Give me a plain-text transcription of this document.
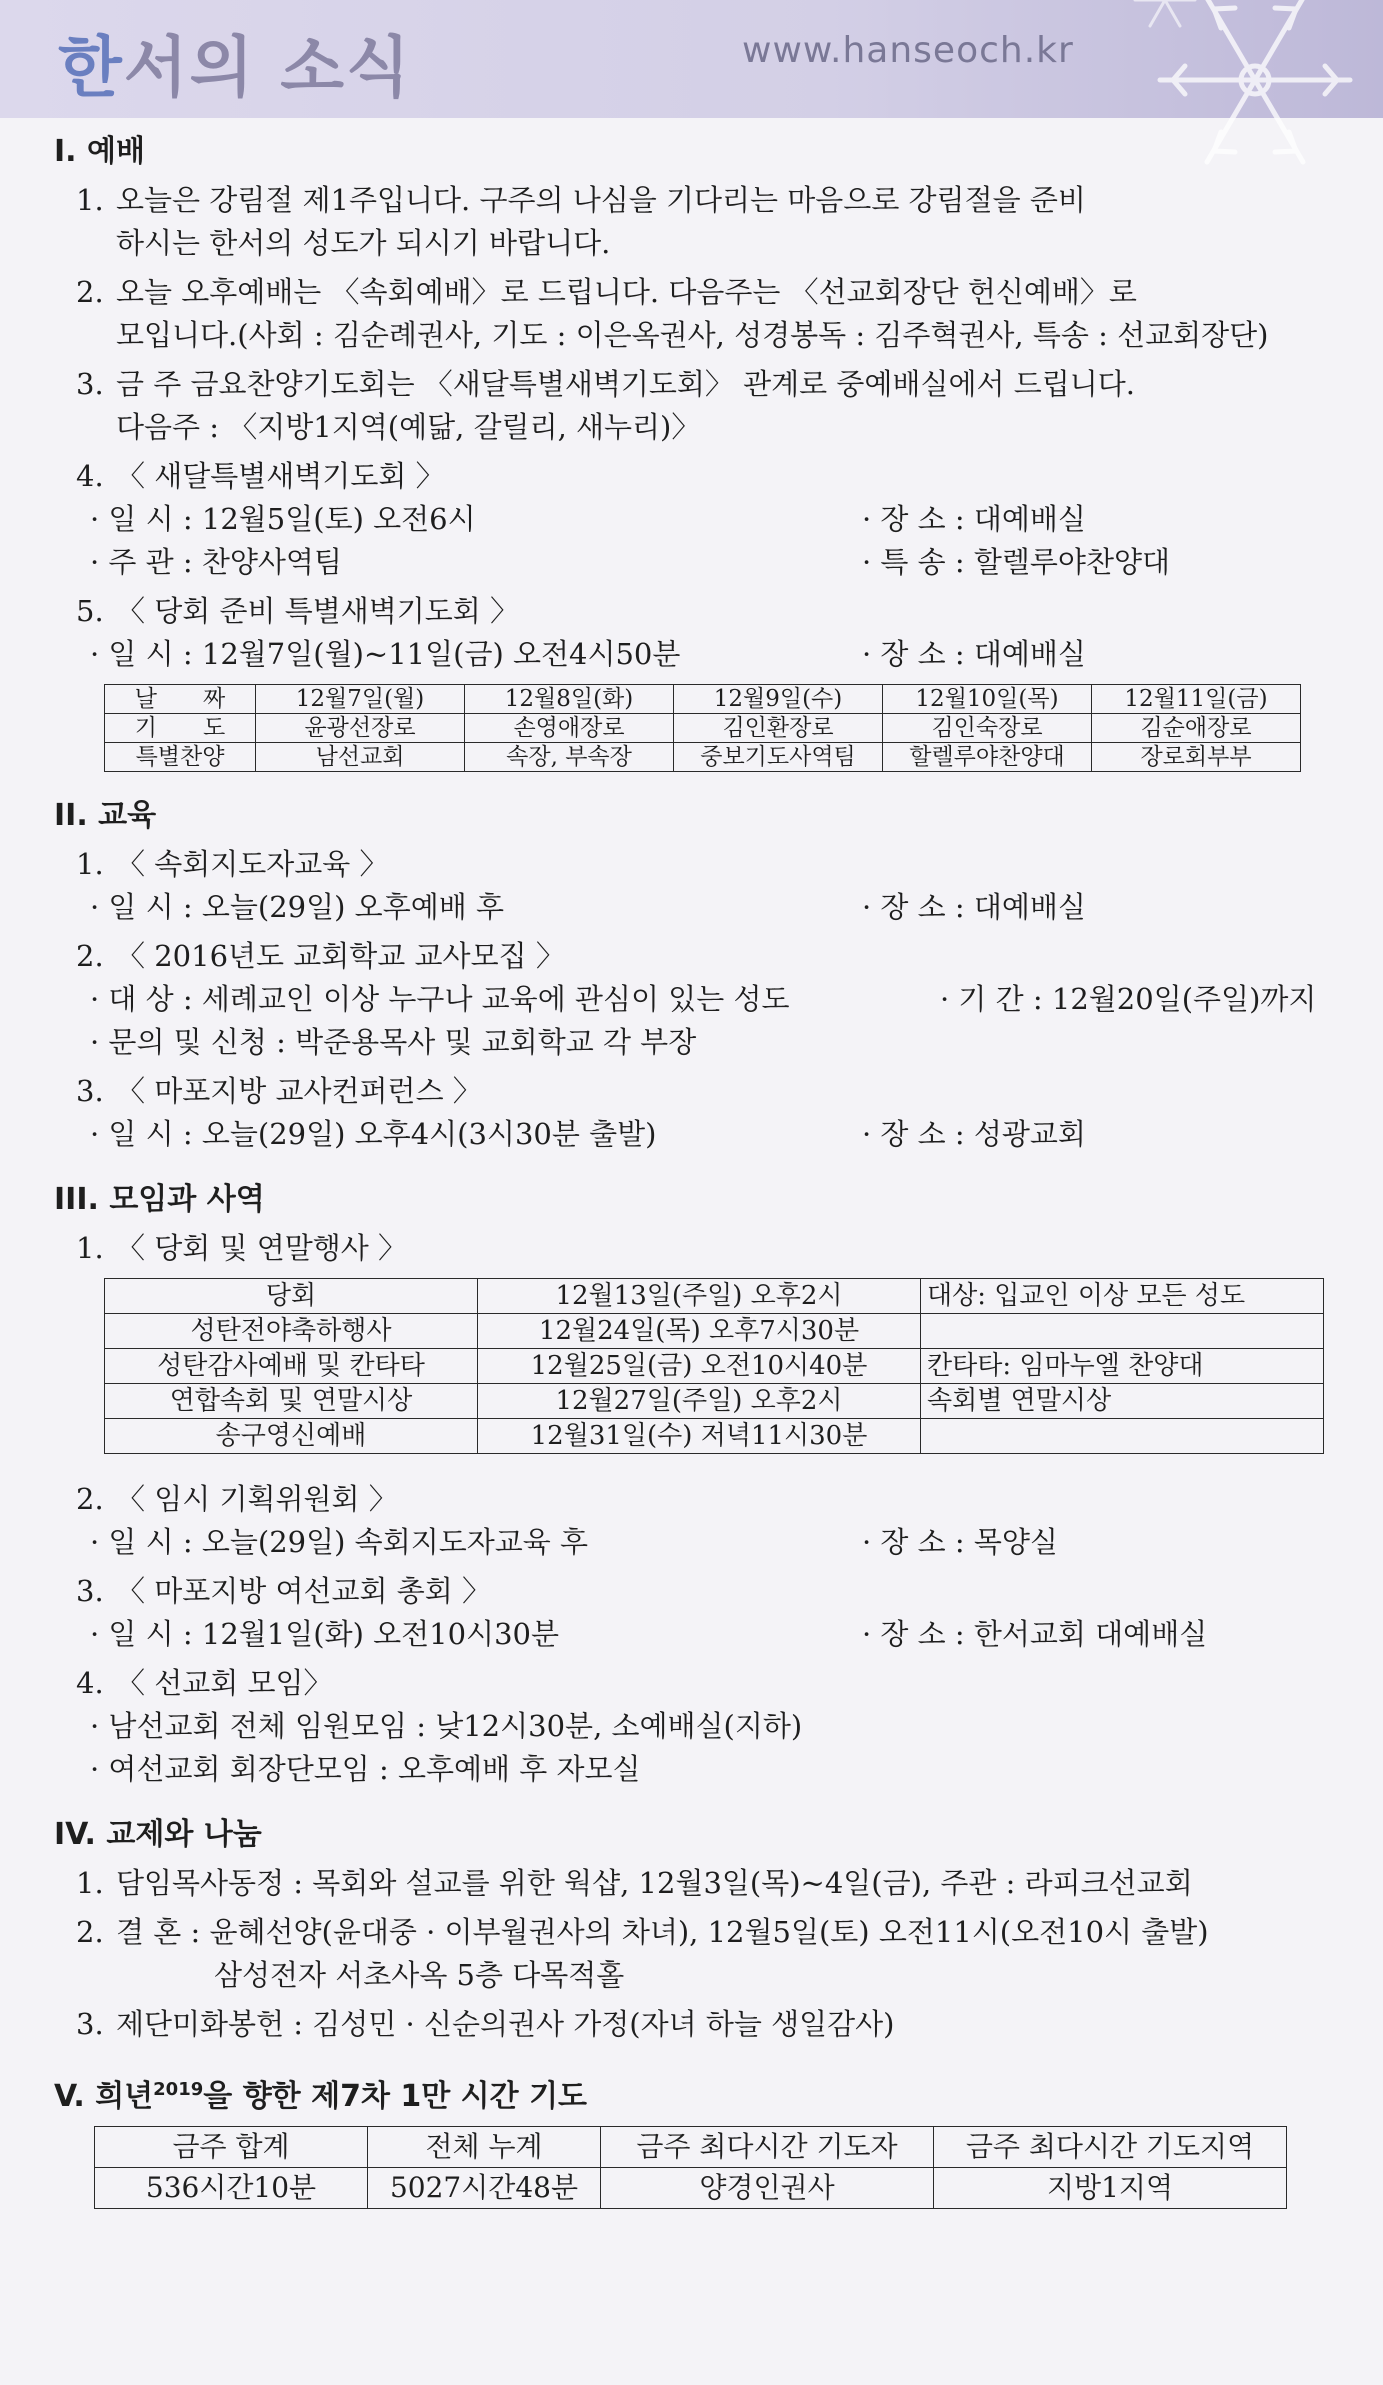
한서의 소식	www.hanseoch.kr
I. 예배
1. 오늘은 강림절 제1주입니다. 구주의 나심을 기다리는 마음으로 강림절을 준비
하시는 한서의 성도가 되시기 바랍니다.
2. 오늘 오후예배는 〈속회예배〉로 드립니다. 다음주는 〈선교회장단 헌신예배〉로
모입니다.(사회 : 김순례권사, 기도 : 이은옥권사, 성경봉독 : 김주혁권사, 특송 : 선교회장단)
3. 금 주 금요찬양기도회는 〈새달특별새벽기도회〉 관계로 중예배실에서 드립니다.
다음주 : 〈지방1지역(예닮, 갈릴리, 새누리)〉
4. 〈 새달특별새벽기도회 〉
· 일 시 : 12월5일(토) 오전6시	· 장 소 : 대예배실
· 주 관 : 찬양사역팀	· 특 송 : 할렐루야찬양대
5. 〈 당회 준비 특별새벽기도회 〉
· 일 시 : 12월7일(월)~11일(금) 오전4시50분	· 장 소 : 대예배실
날　　짜	12월7일(월)	12월8일(화)	12월9일(수)	12월10일(목)	12월11일(금)
기　　도	윤광선장로	손영애장로	김인환장로	김인숙장로	김순애장로
특별찬양	남선교회	속장, 부속장	중보기도사역팀	할렐루야찬양대	장로회부부
II. 교육
1. 〈 속회지도자교육 〉
· 일 시 : 오늘(29일) 오후예배 후	· 장 소 : 대예배실
2. 〈 2016년도 교회학교 교사모집 〉
· 대 상 : 세례교인 이상 누구나 교육에 관심이 있는 성도	· 기 간 : 12월20일(주일)까지
· 문의 및 신청 : 박준용목사 및 교회학교 각 부장
3. 〈 마포지방 교사컨퍼런스 〉
· 일 시 : 오늘(29일) 오후4시(3시30분 출발)	· 장 소 : 성광교회
III. 모임과 사역
1. 〈 당회 및 연말행사 〉
당회	12월13일(주일) 오후2시	대상: 입교인 이상 모든 성도
성탄전야축하행사	12월24일(목) 오후7시30분	
성탄감사예배 및 칸타타	12월25일(금) 오전10시40분	칸타타: 임마누엘 찬양대
연합속회 및 연말시상	12월27일(주일) 오후2시	속회별 연말시상
송구영신예배	12월31일(수) 저녁11시30분	
2. 〈 임시 기획위원회 〉
· 일 시 : 오늘(29일) 속회지도자교육 후	· 장 소 : 목양실
3. 〈 마포지방 여선교회 총회 〉
· 일 시 : 12월1일(화) 오전10시30분	· 장 소 : 한서교회 대예배실
4. 〈 선교회 모임〉
· 남선교회 전체 임원모임 : 낮12시30분, 소예배실(지하)
· 여선교회 회장단모임 : 오후예배 후 자모실
IV. 교제와 나눔
1. 담임목사동정 : 목회와 설교를 위한 웍샵, 12월3일(목)~4일(금), 주관 : 라피크선교회
2. 결 혼 : 윤혜선양(윤대중 · 이부월권사의 차녀), 12월5일(토) 오전11시(오전10시 출발)
삼성전자 서초사옥 5층 다목적홀
3. 제단미화봉헌 : 김성민 · 신순의권사 가정(자녀 하늘 생일감사)
V. 희년$^{2019}$을 향한 제7차 1만 시간 기도
금주 합계	전체 누계	금주 최다시간 기도자	금주 최다시간 기도지역
536시간10분	5027시간48분	양경인권사	지방1지역
